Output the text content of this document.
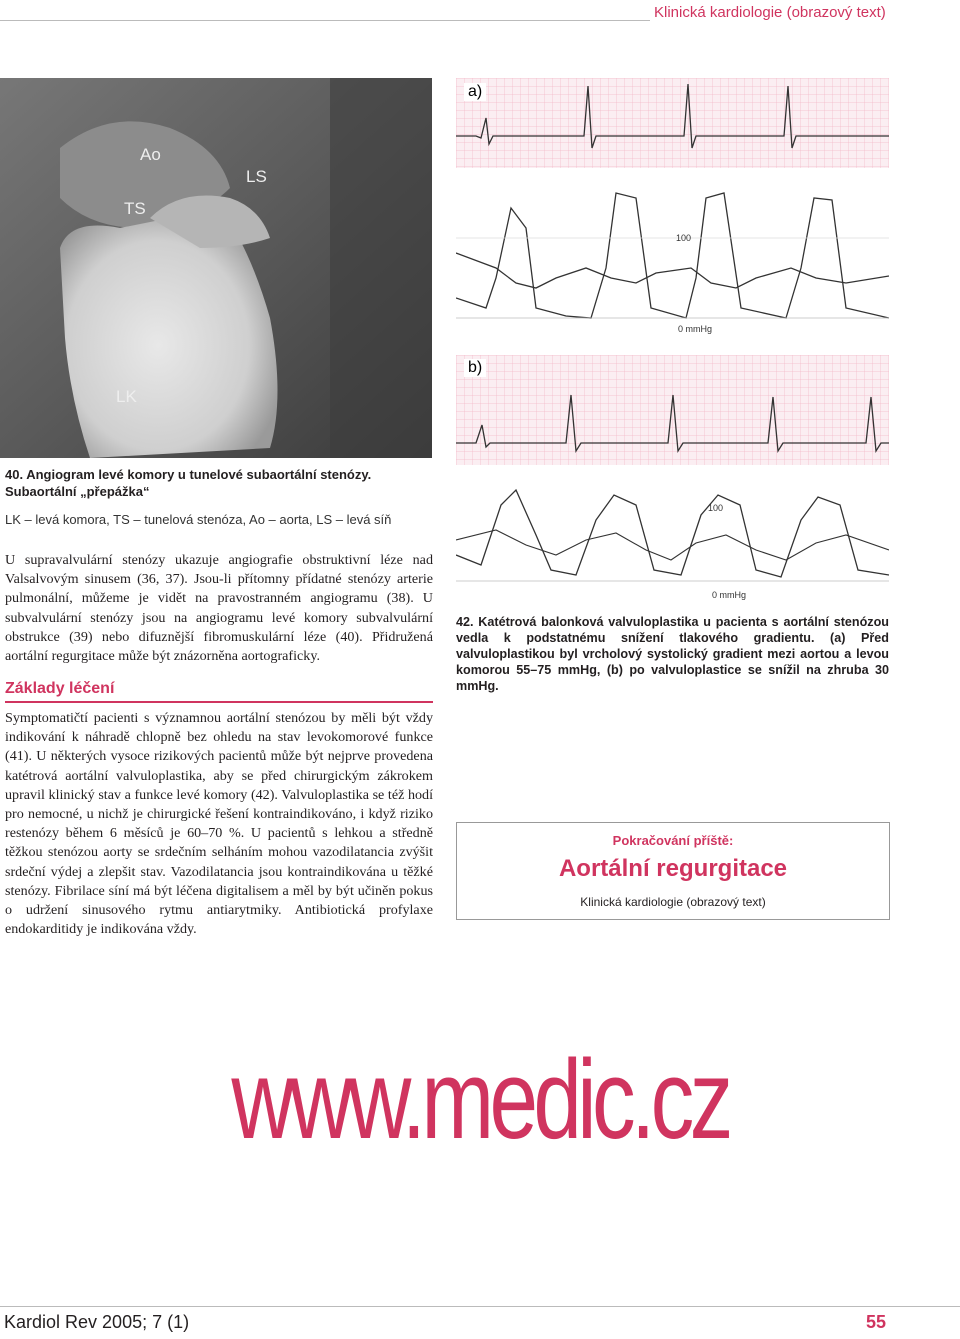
Klinická kardiologie (obrazový text)
Ao
LS
TS
LK
40. Angiogram levé komory u tunelové subaortální stenózy. Subaortální „přepážka“
LK – levá komora, TS – tunelová stenóza, Ao – aorta, LS – levá síň
U supravalvulární stenózy ukazuje angiografie obstruktivní léze nad Valsalvovým sinusem (36, 37). Jsou-li přítomny přídatné stenózy arterie pulmonální, můžeme je vidět na pravostranném angiogramu (38). U subvalvulární stenózy jsou na angiogramu levé komory subvalvulární obstrukce (39) nebo difuznější fibromuskulární léze (40). Přidružená aortální regurgitace může být znázorněna aortograficky.
Základy léčení
Symptomatičtí pacienti s významnou aortální stenózou by měli být vždy indikování k náhradě chlopně bez ohledu na stav levokomorové funkce (41). U některých vysoce rizikových pacientů může být nejprve provedena katétrová aortální valvuloplastika, aby se před chirurgickým zákrokem upravil klinický stav a funkce levé komory (42). Valvuloplastika se též hodí pro nemocné, u nichž je chirurgické řešení kontraindikováno, i když riziko restenózy během 6 měsíců je 60–70 %. U pacientů s lehkou a středně těžkou stenózou aorty se srdečním selháním mohou vazodilatancia zvýšit srdeční výdej a zlepšit stav. Vazodilatancia jsou kontraindikována u těžké stenózy. Fibrilace síní má být léčena digitalisem a měl by být učiněn pokus o udržení sinusového rytmu antiarytmiky. Antibiotická profylaxe endokarditidy je indikována vždy.
100
0 mmHg
a)
100
0 mmHg
b)
42. Katétrová balonková valvuloplastika u pacienta s aortální stenózou vedla k podstatnému snížení tlakového gradientu. (a) Před valvuloplastikou byl vrcholový systolický gradient mezi aortou a levou komorou 55–75 mmHg, (b) po valvuloplastice se snížil na zhruba 30 mmHg.
Pokračování příště:
Aortální regurgitace
Klinická kardiologie (obrazový text)
www.medic.cz
Kardiol Rev 2005; 7 (1)	55
